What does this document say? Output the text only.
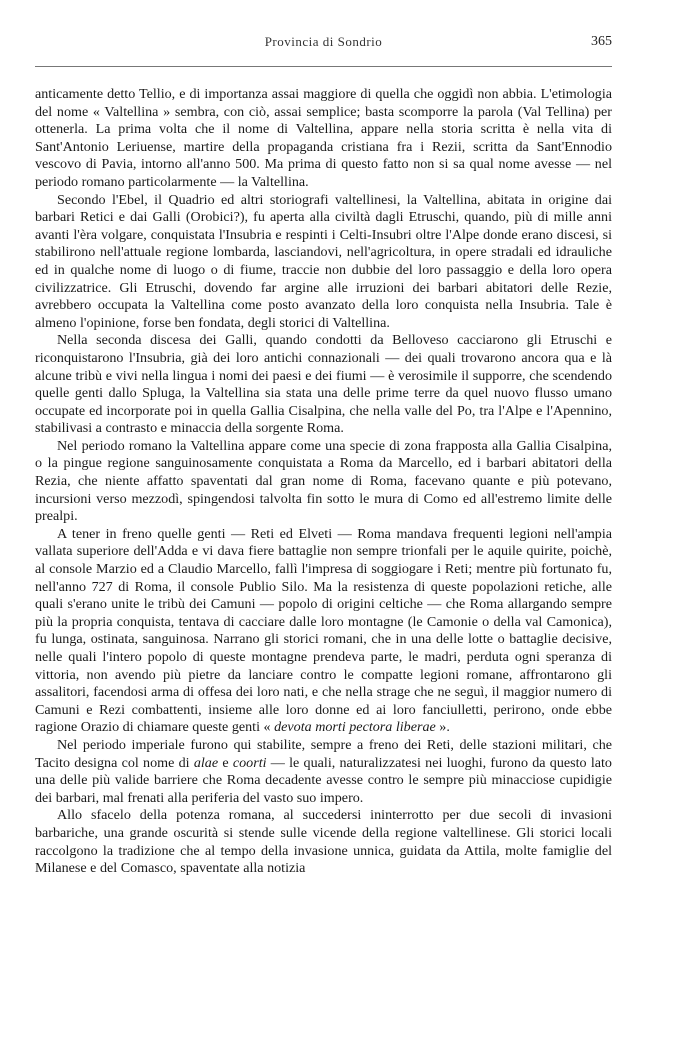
Provincia di Sondrio	365

anticamente detto Tellio, e di importanza assai maggiore di quella che oggidì non abbia. L'etimologia del nome « Valtellina » sembra, con ciò, assai semplice; basta scomporre la parola (Val Tellina) per ottenerla. La prima volta che il nome di Valtellina, appare nella storia scritta è nella vita di Sant'Antonio Leriuense, martire della propaganda cristiana fra i Rezii, scritta da Sant'Ennodio vescovo di Pavia, intorno all'anno 500. Ma prima di questo fatto non si sa qual nome avesse — nel periodo romano particolarmente — la Valtellina.

Secondo l'Ebel, il Quadrio ed altri storiografi valtellinesi, la Valtellina, abitata in origine dai barbari Retici e dai Galli (Orobici?), fu aperta alla civiltà dagli Etruschi, quando, più di mille anni avanti l'èra volgare, conquistata l'Insubria e respinti i Celti-Insubri oltre l'Alpe donde erano discesi, si stabilirono nell'attuale regione lombarda, lasciandovi, nell'agricoltura, in opere stradali ed idrauliche ed in qualche nome di luogo o di fiume, traccie non dubbie del loro passaggio e della loro opera civilizzatrice. Gli Etruschi, dovendo far argine alle irruzioni dei barbari abitatori delle Rezie, avrebbero occupata la Valtellina come posto avanzato della loro conquista nella Insubria. Tale è almeno l'opinione, forse ben fondata, degli storici di Valtellina.

Nella seconda discesa dei Galli, quando condotti da Belloveso cacciarono gli Etruschi e riconquistarono l'Insubria, già dei loro antichi connazionali — dei quali trovarono ancora qua e là alcune tribù e vivi nella lingua i nomi dei paesi e dei fiumi — è verosimile il supporre, che scendendo quelle genti dallo Spluga, la Valtellina sia stata una delle prime terre da quel nuovo flusso umano occupate ed incorporate poi in quella Gallia Cisalpina, che nella valle del Po, tra l'Alpe e l'Apennino, stabilivasi a contrasto e minaccia della sorgente Roma.

Nel periodo romano la Valtellina appare come una specie di zona frapposta alla Gallia Cisalpina, o la pingue regione sanguinosamente conquistata a Roma da Marcello, ed i barbari abitatori della Rezia, che niente affatto spaventati dal gran nome di Roma, facevano quante e più potevano, incursioni verso mezzodì, spingendosi talvolta fin sotto le mura di Como ed all'estremo limite delle prealpi.

A tener in freno quelle genti — Reti ed Elveti — Roma mandava frequenti legioni nell'ampia vallata superiore dell'Adda e vi dava fiere battaglie non sempre trionfali per le aquile quirite, poichè, al console Marzio ed a Claudio Marcello, fallì l'impresa di soggiogare i Reti; mentre più fortunato fu, nell'anno 727 di Roma, il console Publio Silo. Ma la resistenza di queste popolazioni retiche, alle quali s'erano unite le tribù dei Camuni — popolo di origini celtiche — che Roma allargando sempre più la propria conquista, tentava di cacciare dalle loro montagne (le Camonie o della val Camonica), fu lunga, ostinata, sanguinosa. Narrano gli storici romani, che in una delle lotte o battaglie decisive, nelle quali l'intero popolo di queste montagne prendeva parte, le madri, perduta ogni speranza di vittoria, non avendo più pietre da lanciare contro le compatte legioni romane, affrontarono gli assalitori, facendosi arma di offesa dei loro nati, e che nella strage che ne seguì, il maggior numero di Camuni e Rezi combattenti, insieme alle loro donne ed ai loro fanciulletti, perirono, onde ebbe ragione Orazio di chiamare queste genti « devota morti pectora liberae ».

Nel periodo imperiale furono qui stabilite, sempre a freno dei Reti, delle stazioni militari, che Tacito designa col nome di alae e coorti — le quali, naturalizzatesi nei luoghi, furono da questo lato una delle più valide barriere che Roma decadente avesse contro le sempre più minacciose cupidigie dei barbari, mal frenati alla periferia del vasto suo impero.

Allo sfacelo della potenza romana, al succedersi ininterrotto per due secoli di invasioni barbariche, una grande oscurità si stende sulle vicende della regione valtellinese. Gli storici locali raccolgono la tradizione che al tempo della invasione unnica, guidata da Attila, molte famiglie del Milanese e del Comasco, spaventate alla notizia
